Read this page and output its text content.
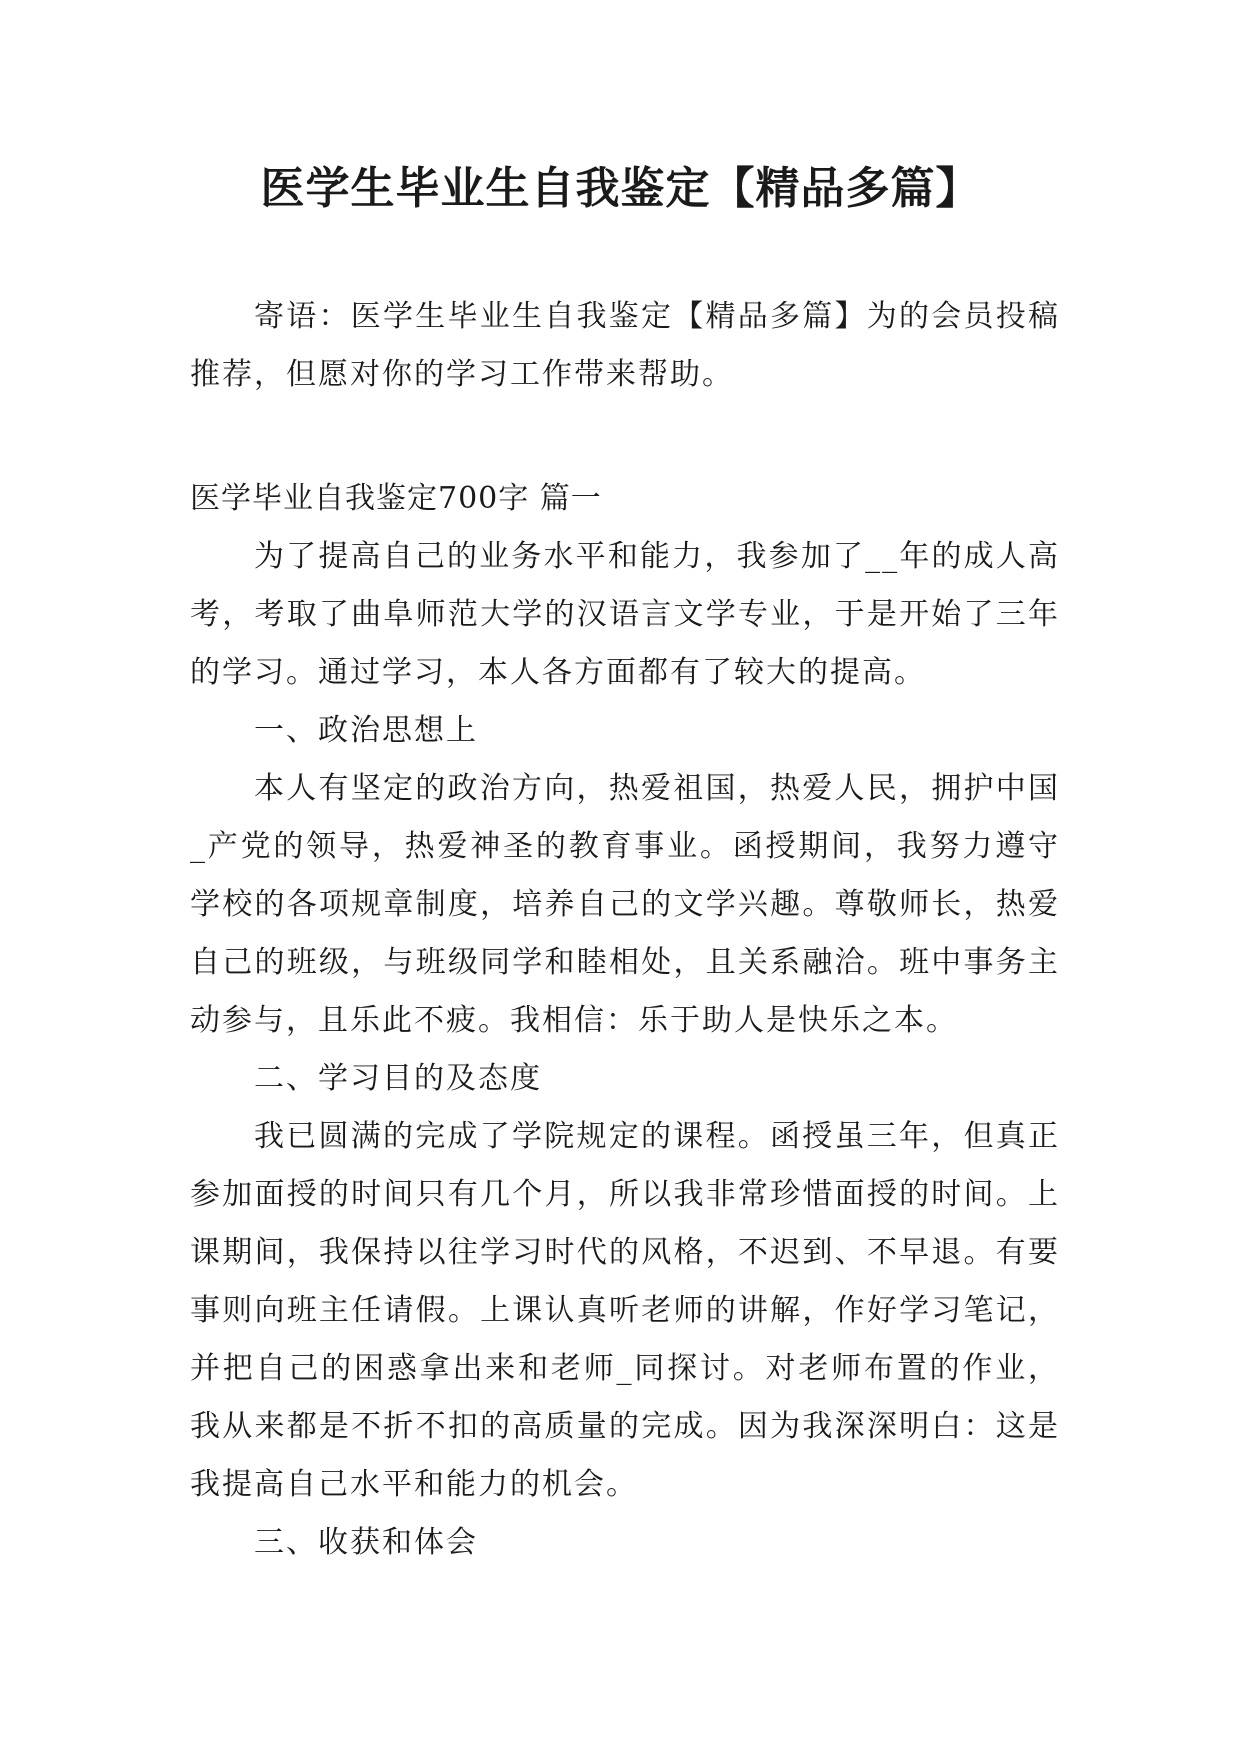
医学生毕业生自我鉴定【精品多篇】

寄语：医学生毕业生自我鉴定【精品多篇】为的会员投稿推荐，但愿对你的学习工作带来帮助。

医学毕业自我鉴定700字 篇一

为了提高自己的业务水平和能力，我参加了__年的成人高考，考取了曲阜师范大学的汉语言文学专业，于是开始了三年的学习。通过学习，本人各方面都有了较大的提高。

一、政治思想上

本人有坚定的政治方向，热爱祖国，热爱人民，拥护中国_产党的领导，热爱神圣的教育事业。函授期间，我努力遵守学校的各项规章制度，培养自己的文学兴趣。尊敬师长，热爱自己的班级，与班级同学和睦相处，且关系融洽。班中事务主动参与，且乐此不疲。我相信：乐于助人是快乐之本。

二、学习目的及态度

我已圆满的完成了学院规定的课程。函授虽三年，但真正参加面授的时间只有几个月，所以我非常珍惜面授的时间。上课期间，我保持以往学习时代的风格，不迟到、不早退。有要事则向班主任请假。上课认真听老师的讲解，作好学习笔记，并把自己的困惑拿出来和老师_同探讨。对老师布置的作业，我从来都是不折不扣的高质量的完成。因为我深深明白：这是我提高自己水平和能力的机会。

三、收获和体会
